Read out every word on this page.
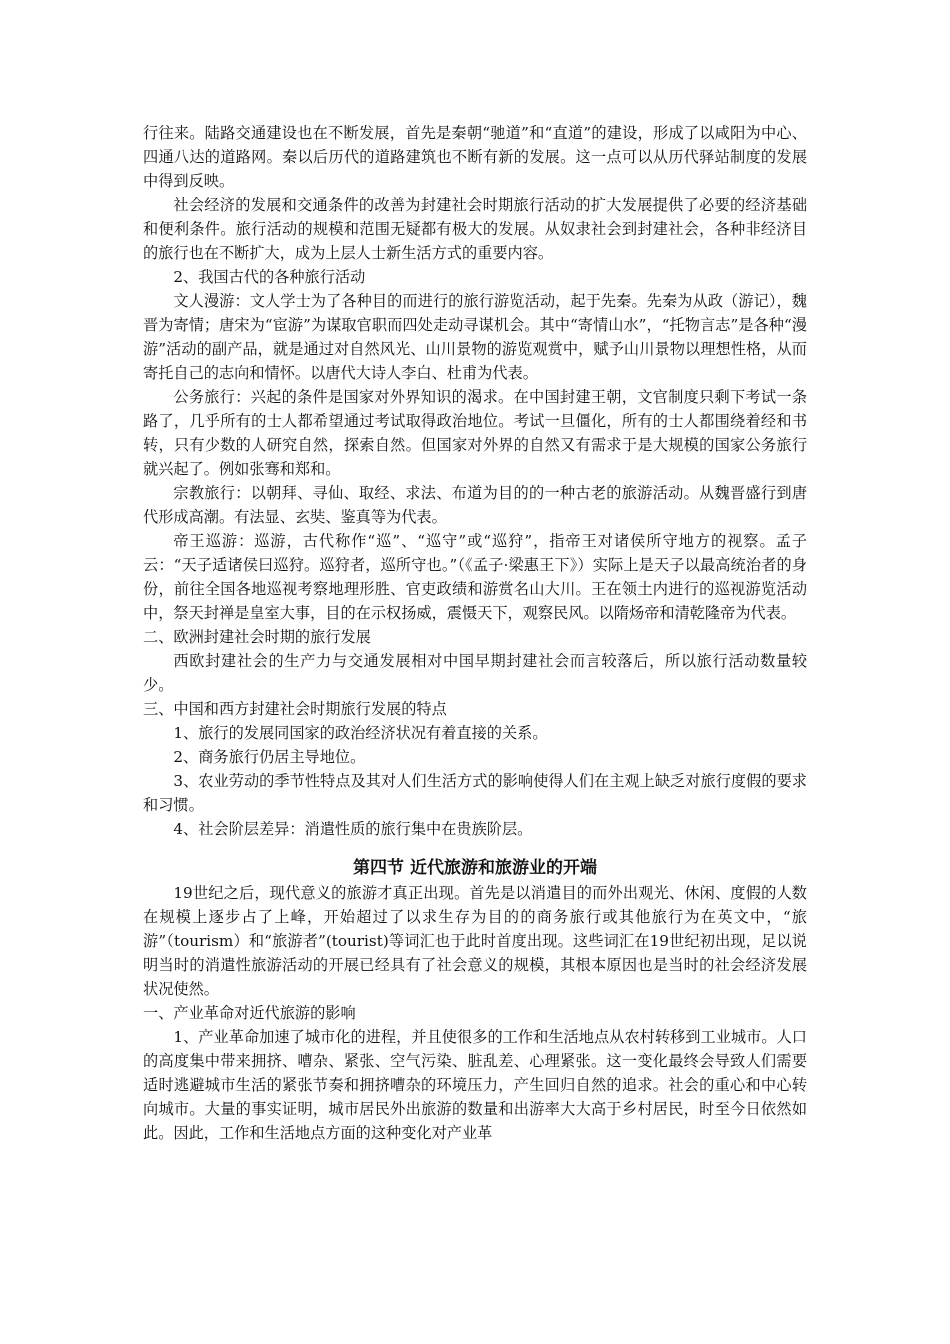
行往来。陆路交通建设也在不断发展，首先是秦朝“驰道”和“直道”的建设，形成了以咸阳为中心、四通八达的道路网。秦以后历代的道路建筑也不断有新的发展。这一点可以从历代驿站制度的发展中得到反映。

社会经济的发展和交通条件的改善为封建社会时期旅行活动的扩大发展提供了必要的经济基础和便利条件。旅行活动的规模和范围无疑都有极大的发展。从奴隶社会到封建社会，各种非经济目的旅行也在不断扩大，成为上层人士新生活方式的重要内容。

2、我国古代的各种旅行活动

文人漫游：文人学士为了各种目的而进行的旅行游览活动，起于先秦。先秦为从政（游记），魏晋为寄情；唐宋为“宦游”为谋取官职而四处走动寻谋机会。其中“寄情山水”，“托物言志”是各种“漫游”活动的副产品，就是通过对自然风光、山川景物的游览观赏中，赋予山川景物以理想性格，从而寄托自己的志向和情怀。以唐代大诗人李白、杜甫为代表。

公务旅行：兴起的条件是国家对外界知识的渴求。在中国封建王朝，文官制度只剩下考试一条路了，几乎所有的士人都希望通过考试取得政治地位。考试一旦僵化，所有的士人都围绕着经和书转，只有少数的人研究自然，探索自然。但国家对外界的自然又有需求于是大规模的国家公务旅行就兴起了。例如张骞和郑和。

宗教旅行：以朝拜、寻仙、取经、求法、布道为目的的一种古老的旅游活动。从魏晋盛行到唐代形成高潮。有法显、玄奘、鉴真等为代表。

帝王巡游：巡游，古代称作“巡”、“巡守”或“巡狩”，指帝王对诸侯所守地方的视察。孟子云：“天子适诸侯曰巡狩。巡狩者，巡所守也。”（《孟子·梁惠王下》）实际上是天子以最高统治者的身份，前往全国各地巡视考察地理形胜、官吏政绩和游赏名山大川。王在领土内进行的巡视游览活动中，祭天封禅是皇室大事，目的在示权扬威，震慑天下，观察民风。以隋炀帝和清乾隆帝为代表。

二、欧洲封建社会时期的旅行发展

西欧封建社会的生产力与交通发展相对中国早期封建社会而言较落后，所以旅行活动数量较少。

三、中国和西方封建社会时期旅行发展的特点

1、旅行的发展同国家的政治经济状况有着直接的关系。

2、商务旅行仍居主导地位。

3、农业劳动的季节性特点及其对人们生活方式的影响使得人们在主观上缺乏对旅行度假的要求和习惯。

4、社会阶层差异：消遣性质的旅行集中在贵族阶层。

第四节 近代旅游和旅游业的开端

19世纪之后，现代意义的旅游才真正出现。首先是以消遣目的而外出观光、休闲、度假的人数在规模上逐步占了上峰，开始超过了以求生存为目的的商务旅行或其他旅行为在英文中，“旅游”（tourism）和“旅游者”(tourist)等词汇也于此时首度出现。这些词汇在19世纪初出现，足以说明当时的消遣性旅游活动的开展已经具有了社会意义的规模，其根本原因也是当时的社会经济发展状况使然。

一、产业革命对近代旅游的影响

1、产业革命加速了城市化的进程，并且使很多的工作和生活地点从农村转移到工业城市。人口的高度集中带来拥挤、嘈杂、紧张、空气污染、脏乱差、心理紧张。这一变化最终会导致人们需要适时逃避城市生活的紧张节奏和拥挤嘈杂的环境压力，产生回归自然的追求。社会的重心和中心转向城市。大量的事实证明，城市居民外出旅游的数量和出游率大大高于乡村居民，时至今日依然如此。因此，工作和生活地点方面的这种变化对产业革
